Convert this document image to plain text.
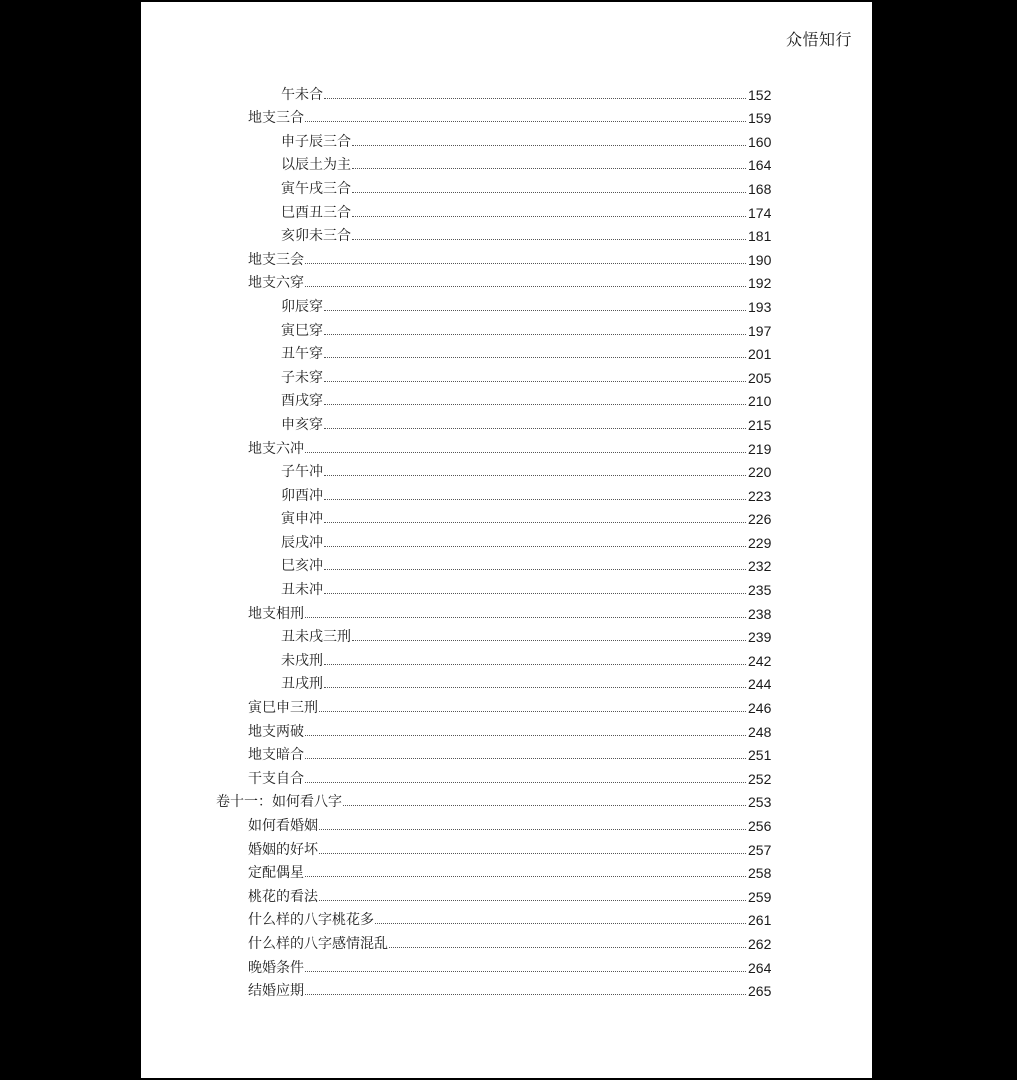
众悟知行
午未合	152
地支三合	159
申子辰三合	160
以辰土为主	164
寅午戌三合	168
巳酉丑三合	174
亥卯未三合	181
地支三会	190
地支六穿	192
卯辰穿	193
寅巳穿	197
丑午穿	201
子未穿	205
酉戌穿	210
申亥穿	215
地支六冲	219
子午冲	220
卯酉冲	223
寅申冲	226
辰戌冲	229
巳亥冲	232
丑未冲	235
地支相刑	238
丑未戌三刑	239
未戌刑	242
丑戌刑	244
寅巳申三刑	246
地支两破	248
地支暗合	251
干支自合	252
卷十一：如何看八字	253
如何看婚姻	256
婚姻的好坏	257
定配偶星	258
桃花的看法	259
什么样的八字桃花多	261
什么样的八字感情混乱	262
晚婚条件	264
结婚应期	265
